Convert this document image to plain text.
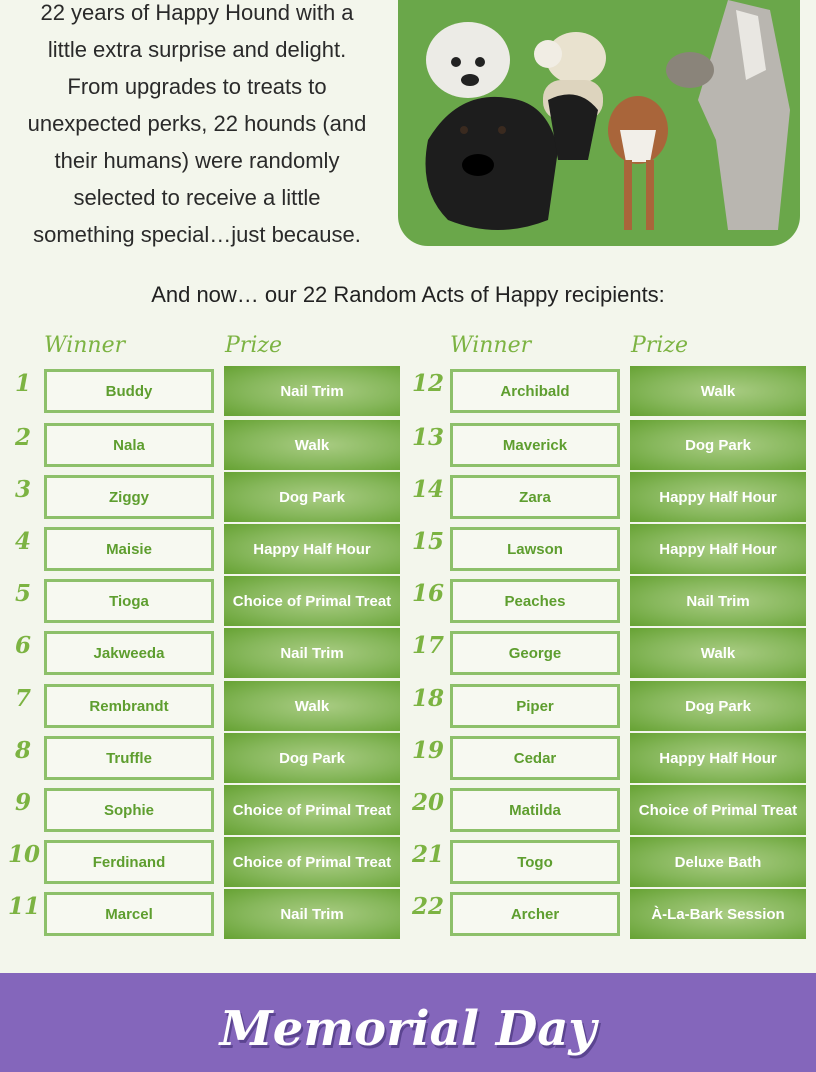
22 years of Happy Hound with a
little extra surprise and delight.
From upgrades to treats to
unexpected perks, 22 hounds (and
their humans) were randomly
selected to receive a little
something special…just because.
And now… our 22 Random Acts of Happy recipients:
Winner	Prize	Winner	Prize
1	Buddy	Nail Trim
2	Nala	Walk
3	Ziggy	Dog Park
4	Maisie	Happy Half Hour
5	Tioga	Choice of Primal Treat
6	Jakweeda	Nail Trim
7	Rembrandt	Walk
8	Truffle	Dog Park
9	Sophie	Choice of Primal Treat
10	Ferdinand	Choice of Primal Treat
11	Marcel	Nail Trim
12	Archibald	Walk
13	Maverick	Dog Park
14	Zara	Happy Half Hour
15	Lawson	Happy Half Hour
16	Peaches	Nail Trim
17	George	Walk
18	Piper	Dog Park
19	Cedar	Happy Half Hour
20	Matilda	Choice of Primal Treat
21	Togo	Deluxe Bath
22	Archer	À-La-Bark Session
Memorial Day
